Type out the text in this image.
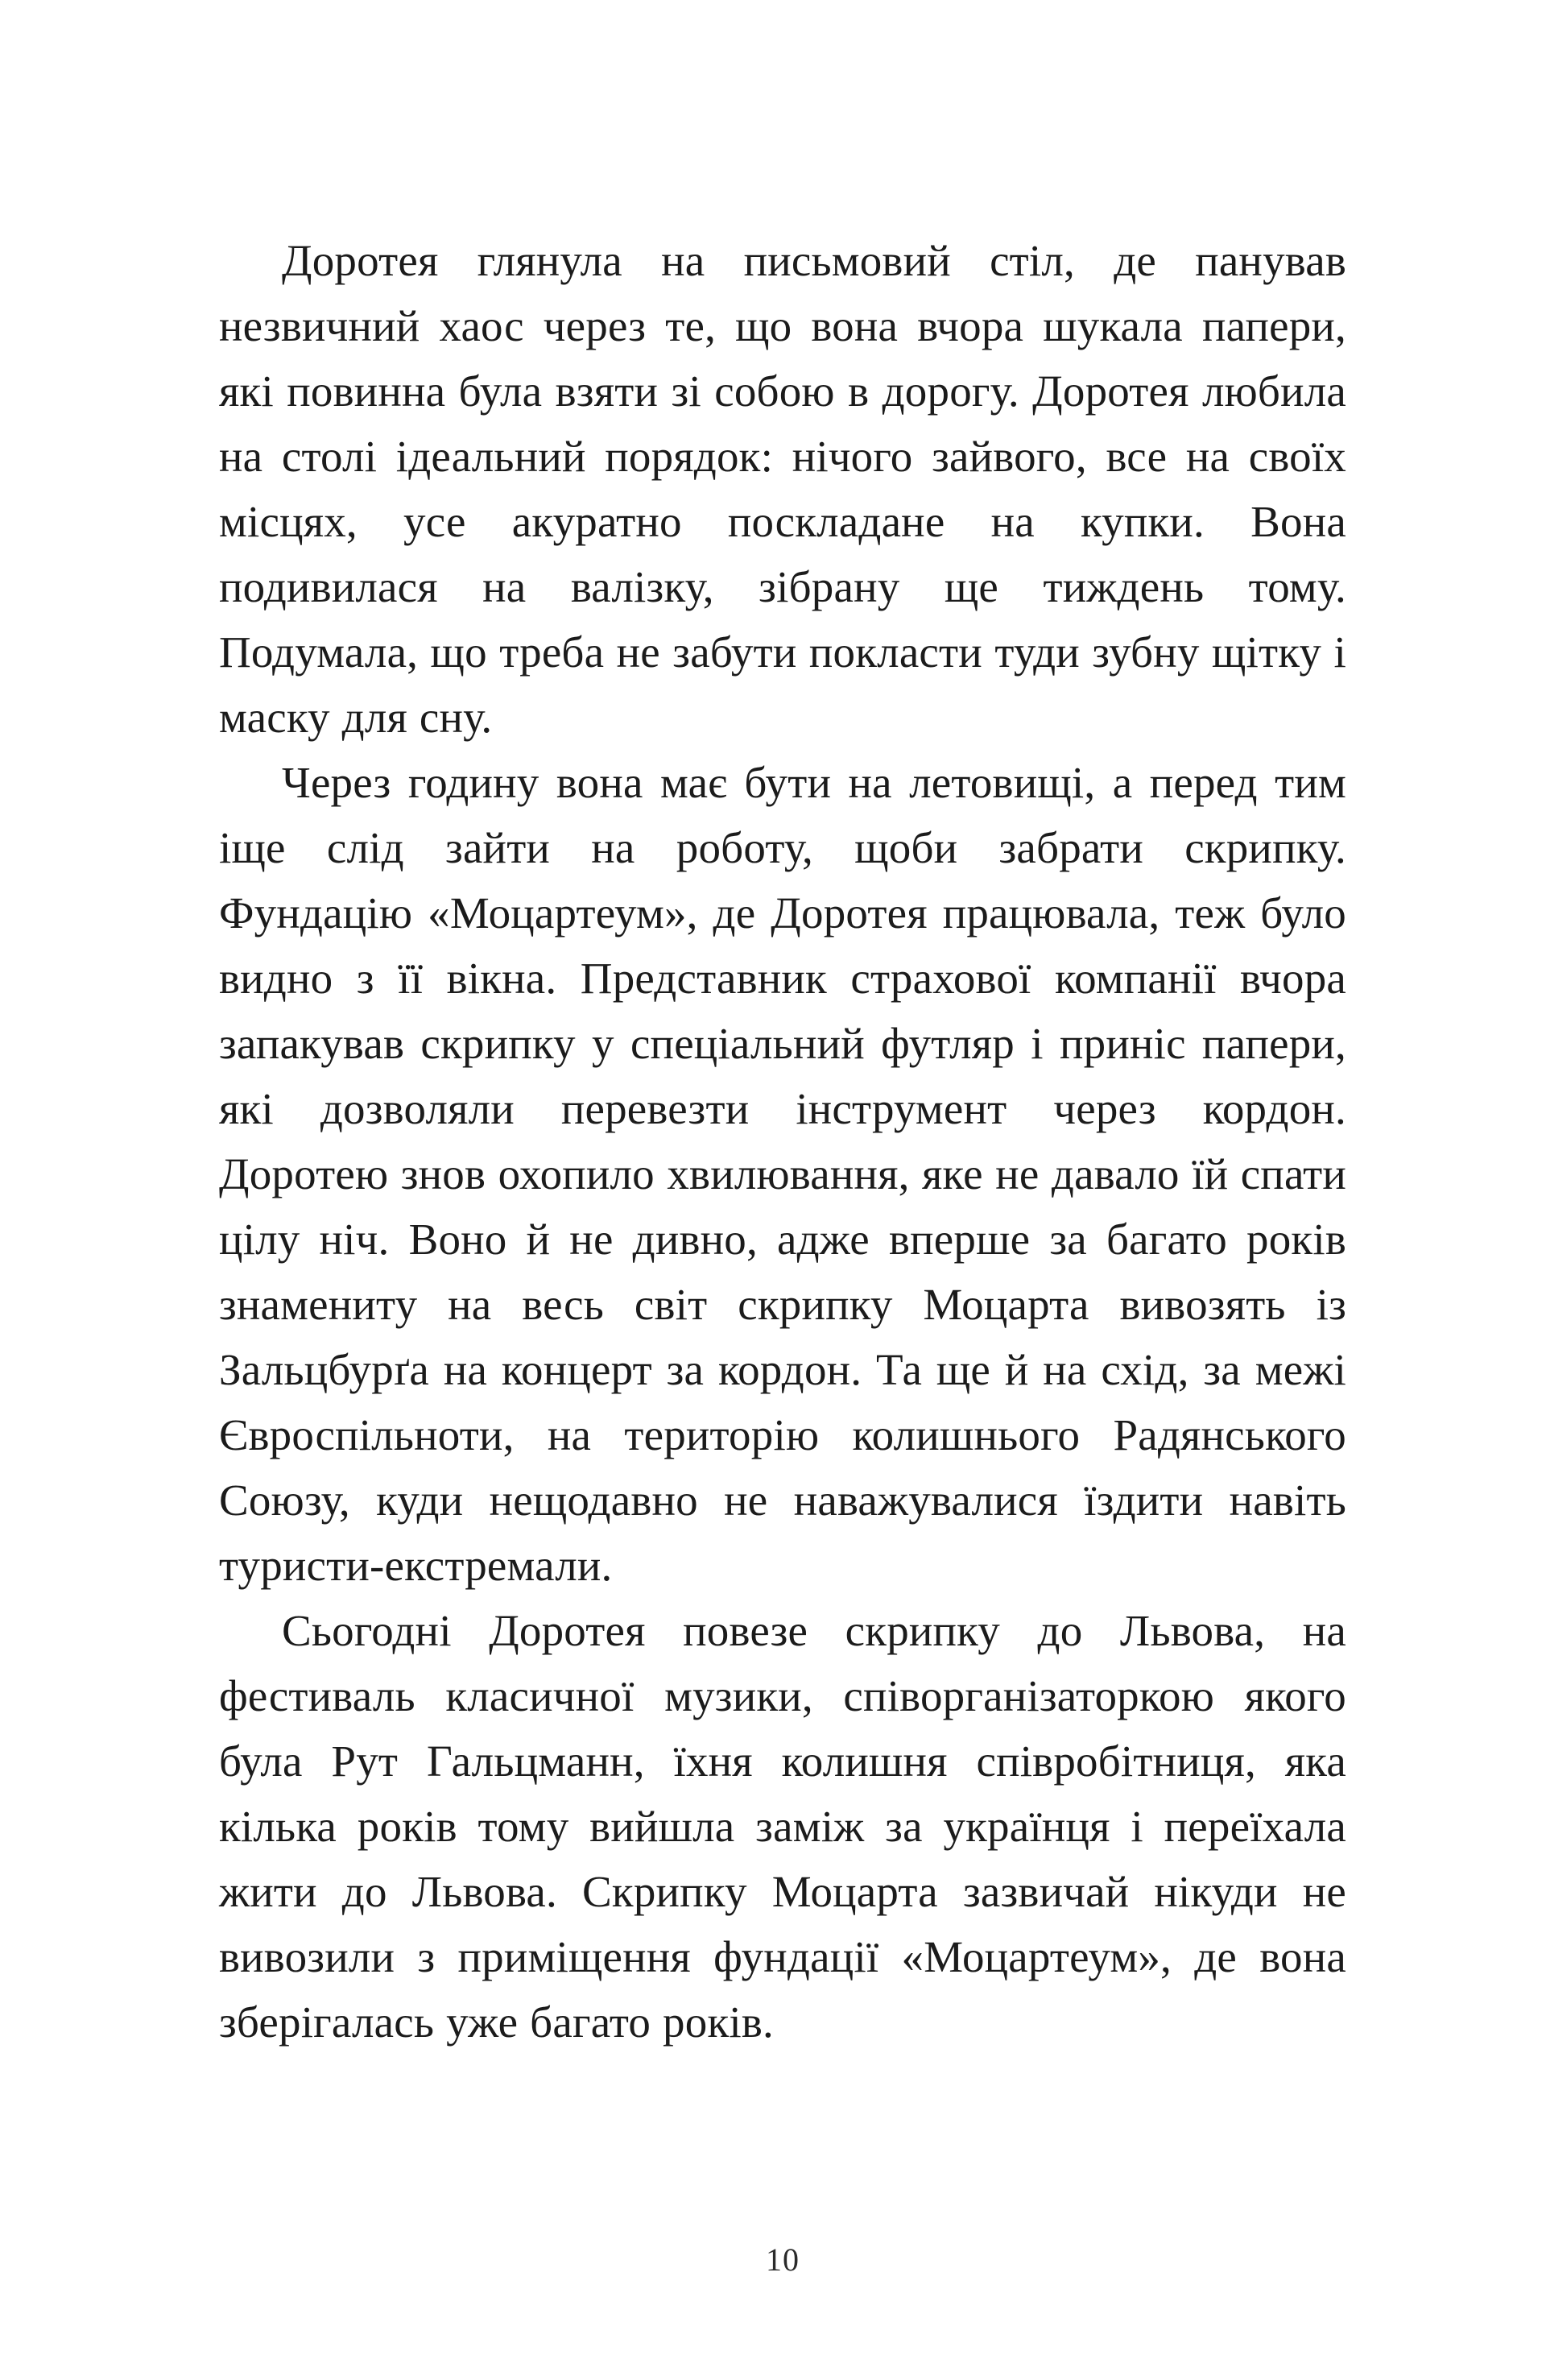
Доротея глянула на письмовий стіл, де панував незвичний хаос через те, що вона вчора шукала папери, які повинна була взяти зі собою в дорогу. Доротея любила на столі ідеальний порядок: нічого зайвого, все на своїх місцях, усе акуратно поскладане на купки. Вона подивилася на валізку, зібрану ще тиждень тому. Подумала, що треба не забути покласти туди зубну щітку і маску для сну.

Через годину вона має бути на летовищі, а перед тим іще слід зайти на роботу, щоби забрати скрипку. Фундацію «Моцартеум», де Доротея працювала, теж було видно з її вікна. Представник страхової компанії вчора запакував скрипку у спеціальний футляр і приніс папери, які дозволяли перевезти інструмент через кордон. Доротею знов охопило хвилювання, яке не давало їй спати цілу ніч. Воно й не дивно, адже вперше за багато років знамениту на весь світ скрипку Моцарта вивозять із Зальцбурґа на концерт за кордон. Та ще й на схід, за межі Євроспільноти, на територію колишнього Радянського Союзу, куди нещодавно не наважувалися їздити навіть туристи-екстремали.

Сьогодні Доротея повезе скрипку до Львова, на фестиваль класичної музики, співорганізаторкою якого була Рут Гальцманн, їхня колишня співробітниця, яка кілька років тому вийшла заміж за українця і переїхала жити до Львова. Скрипку Моцарта зазвичай нікуди не вивозили з приміщення фундації «Моцартеум», де вона зберігалась уже багато років.

10
